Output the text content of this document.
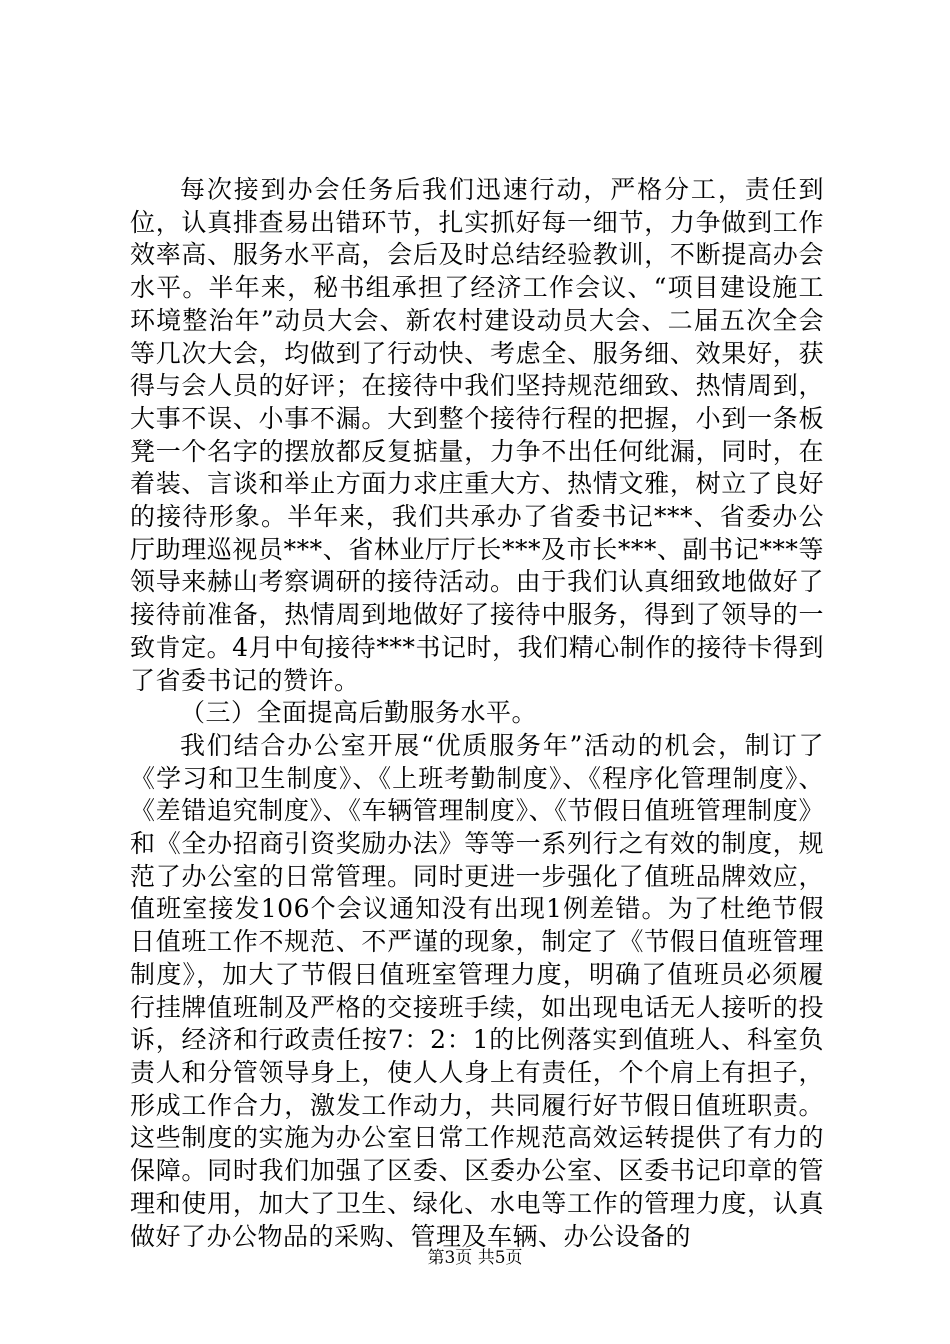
每次接到办会任务后我们迅速行动，严格分工，责任到位，认真排查易出错环节，扎实抓好每一细节，力争做到工作效率高、服务水平高，会后及时总结经验教训，不断提高办会水平。半年来，秘书组承担了经济工作会议、“项目建设施工环境整治年”动员大会、新农村建设动员大会、二届五次全会等几次大会，均做到了行动快、考虑全、服务细、效果好，获得与会人员的好评；在接待中我们坚持规范细致、热情周到，大事不误、小事不漏。大到整个接待行程的把握，小到一条板凳一个名字的摆放都反复掂量，力争不出任何纰漏，同时，在着装、言谈和举止方面力求庄重大方、热情文雅，树立了良好的接待形象。半年来，我们共承办了省委书记***、省委办公厅助理巡视员***、省林业厅厅长***及市长***、副书记***等领导来赫山考察调研的接待活动。由于我们认真细致地做好了接待前准备，热情周到地做好了接待中服务，得到了领导的一致肯定。4月中旬接待***书记时，我们精心制作的接待卡得到了省委书记的赞许。

（三）全面提高后勤服务水平。

我们结合办公室开展“优质服务年”活动的机会，制订了《学习和卫生制度》、《上班考勤制度》、《程序化管理制度》、《差错追究制度》、《车辆管理制度》、《节假日值班管理制度》和《全办招商引资奖励办法》等等一系列行之有效的制度，规范了办公室的日常管理。同时更进一步强化了值班品牌效应，值班室接发106个会议通知没有出现1例差错。为了杜绝节假日值班工作不规范、不严谨的现象，制定了《节假日值班管理制度》，加大了节假日值班室管理力度，明确了值班员必须履行挂牌值班制及严格的交接班手续，如出现电话无人接听的投诉，经济和行政责任按7：2：1的比例落实到值班人、科室负责人和分管领导身上，使人人身上有责任，个个肩上有担子，形成工作合力，激发工作动力，共同履行好节假日值班职责。这些制度的实施为办公室日常工作规范高效运转提供了有力的保障。同时我们加强了区委、区委办公室、区委书记印章的管理和使用，加大了卫生、绿化、水电等工作的管理力度，认真做好了办公物品的采购、管理及车辆、办公设备的

第3页 共5页
